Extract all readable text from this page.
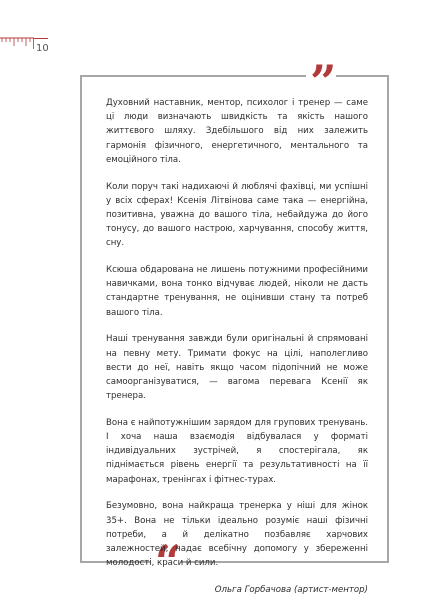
10
”
“

Духовний наставник, ментор, психолог і тренер — саме ці люди визначають швидкість та якість нашого життєвого шляху. Здебільшого від них залежить гармонія фізичного, енергетичного, ментального та емоційного тіла.

Коли поруч такі надихаючі й люблячі фахівці, ми успішні у всіх сферах! Ксенія Літвінова саме така — енергійна, позитивна, уважна до вашого тіла, небайдужа до його тонусу, до вашого настрою, харчування, способу життя, сну.

Ксюша обдарована не лишень потужними професійними навичками, вона тонко відчуває людей, ніколи не дасть стандартне тренування, не оцінивши стану та потреб вашого тіла.

Наші тренування завжди були оригінальні й спрямовані на певну мету. Тримати фокус на цілі, наполегливо вести до неї, навіть якщо часом підопічний не може самоорганізуватися, — вагома перевага Ксенії як тренера.

Вона є найпотужнішим зарядом для групових тренувань. І хоча наша взаємодія відбувалася у форматі індивідуальних зустрічей, я спостерігала, як піднімається рівень енергії та результативності на її марафонах, тренінгах і фітнес-турах.

Безумовно, вона найкраща тренерка у ніші для жінок 35+. Вона не тільки ідеально розуміє наші фізичні потреби, а й делікатно позбавляє харчових залежностей, надає всебічну допомогу у збереженні молодості, краси й сили.

Ольга Горбачова (артист-ментор)
